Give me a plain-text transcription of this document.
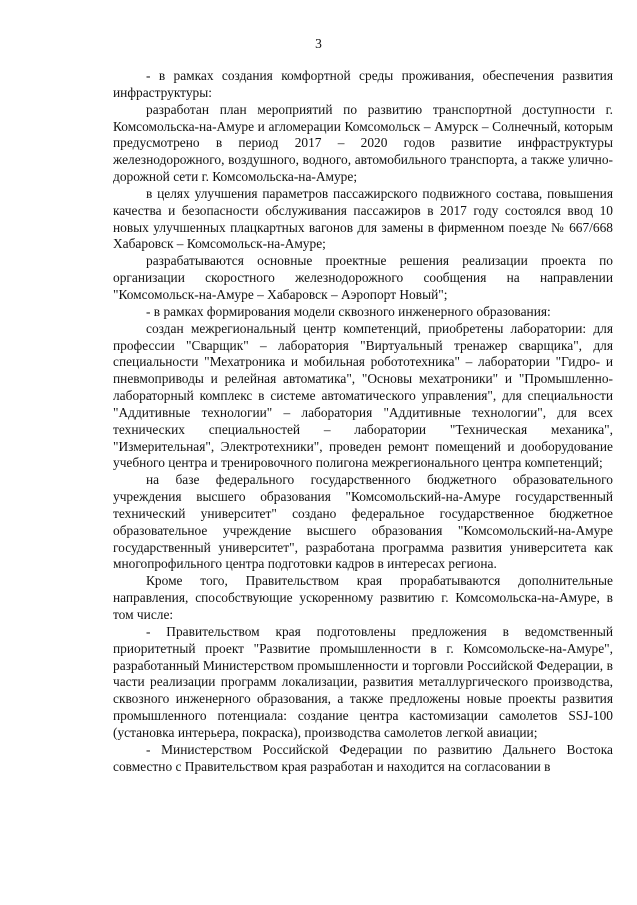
3

- в рамках создания комфортной среды проживания, обеспечения развития инфраструктуры:

разработан план мероприятий по развитию транспортной доступности г. Комсомольска-на-Амуре и агломерации Комсомольск – Амурск – Солнечный, которым предусмотрено в период 2017 – 2020 годов развитие инфраструктуры железнодорожного, воздушного, водного, автомобильного транспорта, а также улично-дорожной сети г. Комсомольска-на-Амуре;

в целях улучшения параметров пассажирского подвижного состава, повышения качества и безопасности обслуживания пассажиров в 2017 году состоялся ввод 10 новых улучшенных плацкартных вагонов для замены в фирменном поезде № 667/668 Хабаровск – Комсомольск-на-Амуре;

разрабатываются основные проектные решения реализации проекта по организации скоростного железнодорожного сообщения на направлении "Комсомольск-на-Амуре – Хабаровск – Аэропорт Новый";

- в рамках формирования модели сквозного инженерного образования:

создан межрегиональный центр компетенций, приобретены лаборатории: для профессии "Сварщик" – лаборатория "Виртуальный тренажер сварщика", для специальности "Мехатроника и мобильная робототехника" – лаборатории "Гидро- и пневмоприводы и релейная автоматика", "Основы мехатроники" и "Промышленно-лабораторный комплекс в системе автоматического управления", для специальности "Аддитивные технологии" – лаборатория "Аддитивные технологии", для всех технических специальностей – лаборатории "Техническая механика", "Измерительная", Электротехники", проведен ремонт помещений и дооборудование учебного центра и тренировочного полигона межрегионального центра компетенций;

на базе федерального государственного бюджетного образовательного учреждения высшего образования "Комсомольский-на-Амуре государственный технический университет" создано федеральное государственное бюджетное образовательное учреждение высшего образования "Комсомольский-на-Амуре государственный университет", разработана программа развития университета как многопрофильного центра подготовки кадров в интересах региона.

Кроме того, Правительством края прорабатываются дополнительные направления, способствующие ускоренному развитию г. Комсомольска-на-Амуре, в том числе:

- Правительством края подготовлены предложения в ведомственный приоритетный проект "Развитие промышленности в г. Комсомольске-на-Амуре", разработанный Министерством промышленности и торговли Российской Федерации, в части реализации программ локализации, развития металлургического производства, сквозного инженерного образования, а также предложены новые проекты развития промышленного потенциала: создание центра кастомизации самолетов SSJ-100 (установка интерьера, покраска), производства самолетов легкой авиации;

- Министерством Российской Федерации по развитию Дальнего Востока совместно с Правительством края разработан и находится на согласовании в
